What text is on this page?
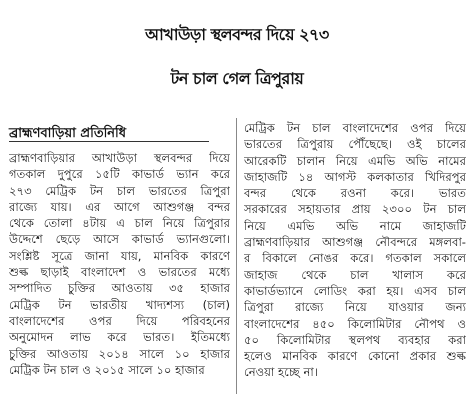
আখাউড়া স্থলবন্দর দিয়ে ২৭৩
টন চাল গেল ত্রিপুরায়
ব্রাহ্মণবাড়িয়া প্রতিনিধি
ব্রাহ্মণবাড়িয়ার আখাউড়া স্থলবন্দর দিয়ে
গতকাল দুপুরে ১৫টি কাভার্ড ভ্যান করে
২৭৩ মেট্রিক টন চাল ভারতের ত্রিপুরা
রাজ্যে যায়। এর আগে আশুগঞ্জ বন্দর
থেকে তোলা ৪টায় এ চাল নিয়ে ত্রিপুরার
উদ্দেশে ছেড়ে আসে কাভার্ড ভ্যানগুলো।
সংশ্লিষ্ট সূত্রে জানা যায়, মানবিক কারণে
শুল্ক ছাড়াই বাংলাদেশ ও ভারতের মধ্যে
সম্পাদিত চুক্তির আওতায় ৩৫ হাজার
মেট্রিক টন ভারতীয় খাদ্যশস্য (চাল)
বাংলাদেশের ওপর দিয়ে পরিবহনের
অনুমোদন লাভ করে ভারত। ইতিমধ্যে
চুক্তির আওতায় ২০১৪ সালে ১০ হাজার
মেট্রিক টন চাল ও ২০১৫ সালে ১০ হাজার
মেট্রিক টন চাল বাংলাদেশের ওপর দিয়ে
ভারতের ত্রিপুরায় পৌঁছেছে। ওই চালের
আরেকটি চালান নিয়ে এমভি অভি নামের
জাহাজটি ১৪ আগস্ট কলকাতার খিদিরপুর
বন্দর থেকে রওনা করে। ভারত
সরকারের সহায়তার প্রায় ২৩০০ টন চাল
নিয়ে এমভি অভি নামে জাহাজটি
ব্রাহ্মণবাড়িয়ার আশুগঞ্জ নৌবন্দরে মঙ্গলবা-
র বিকালে নোঙর করে। গতকাল সকালে
জাহাজ থেকে চাল খালাস করে
কাভার্ডভ্যানে লোডিং করা হয়। এসব চাল
ত্রিপুরা রাজ্যে নিয়ে যাওয়ার জন্য
বাংলাদেশের ৪৫০ কিলোমিটার নৌপথ ও
৫০ কিলোমিটার স্থলপথ ব্যবহার করা
হলেও মানবিক কারণে কোনো প্রকার শুল্ক
নেওয়া হচ্ছে না।
